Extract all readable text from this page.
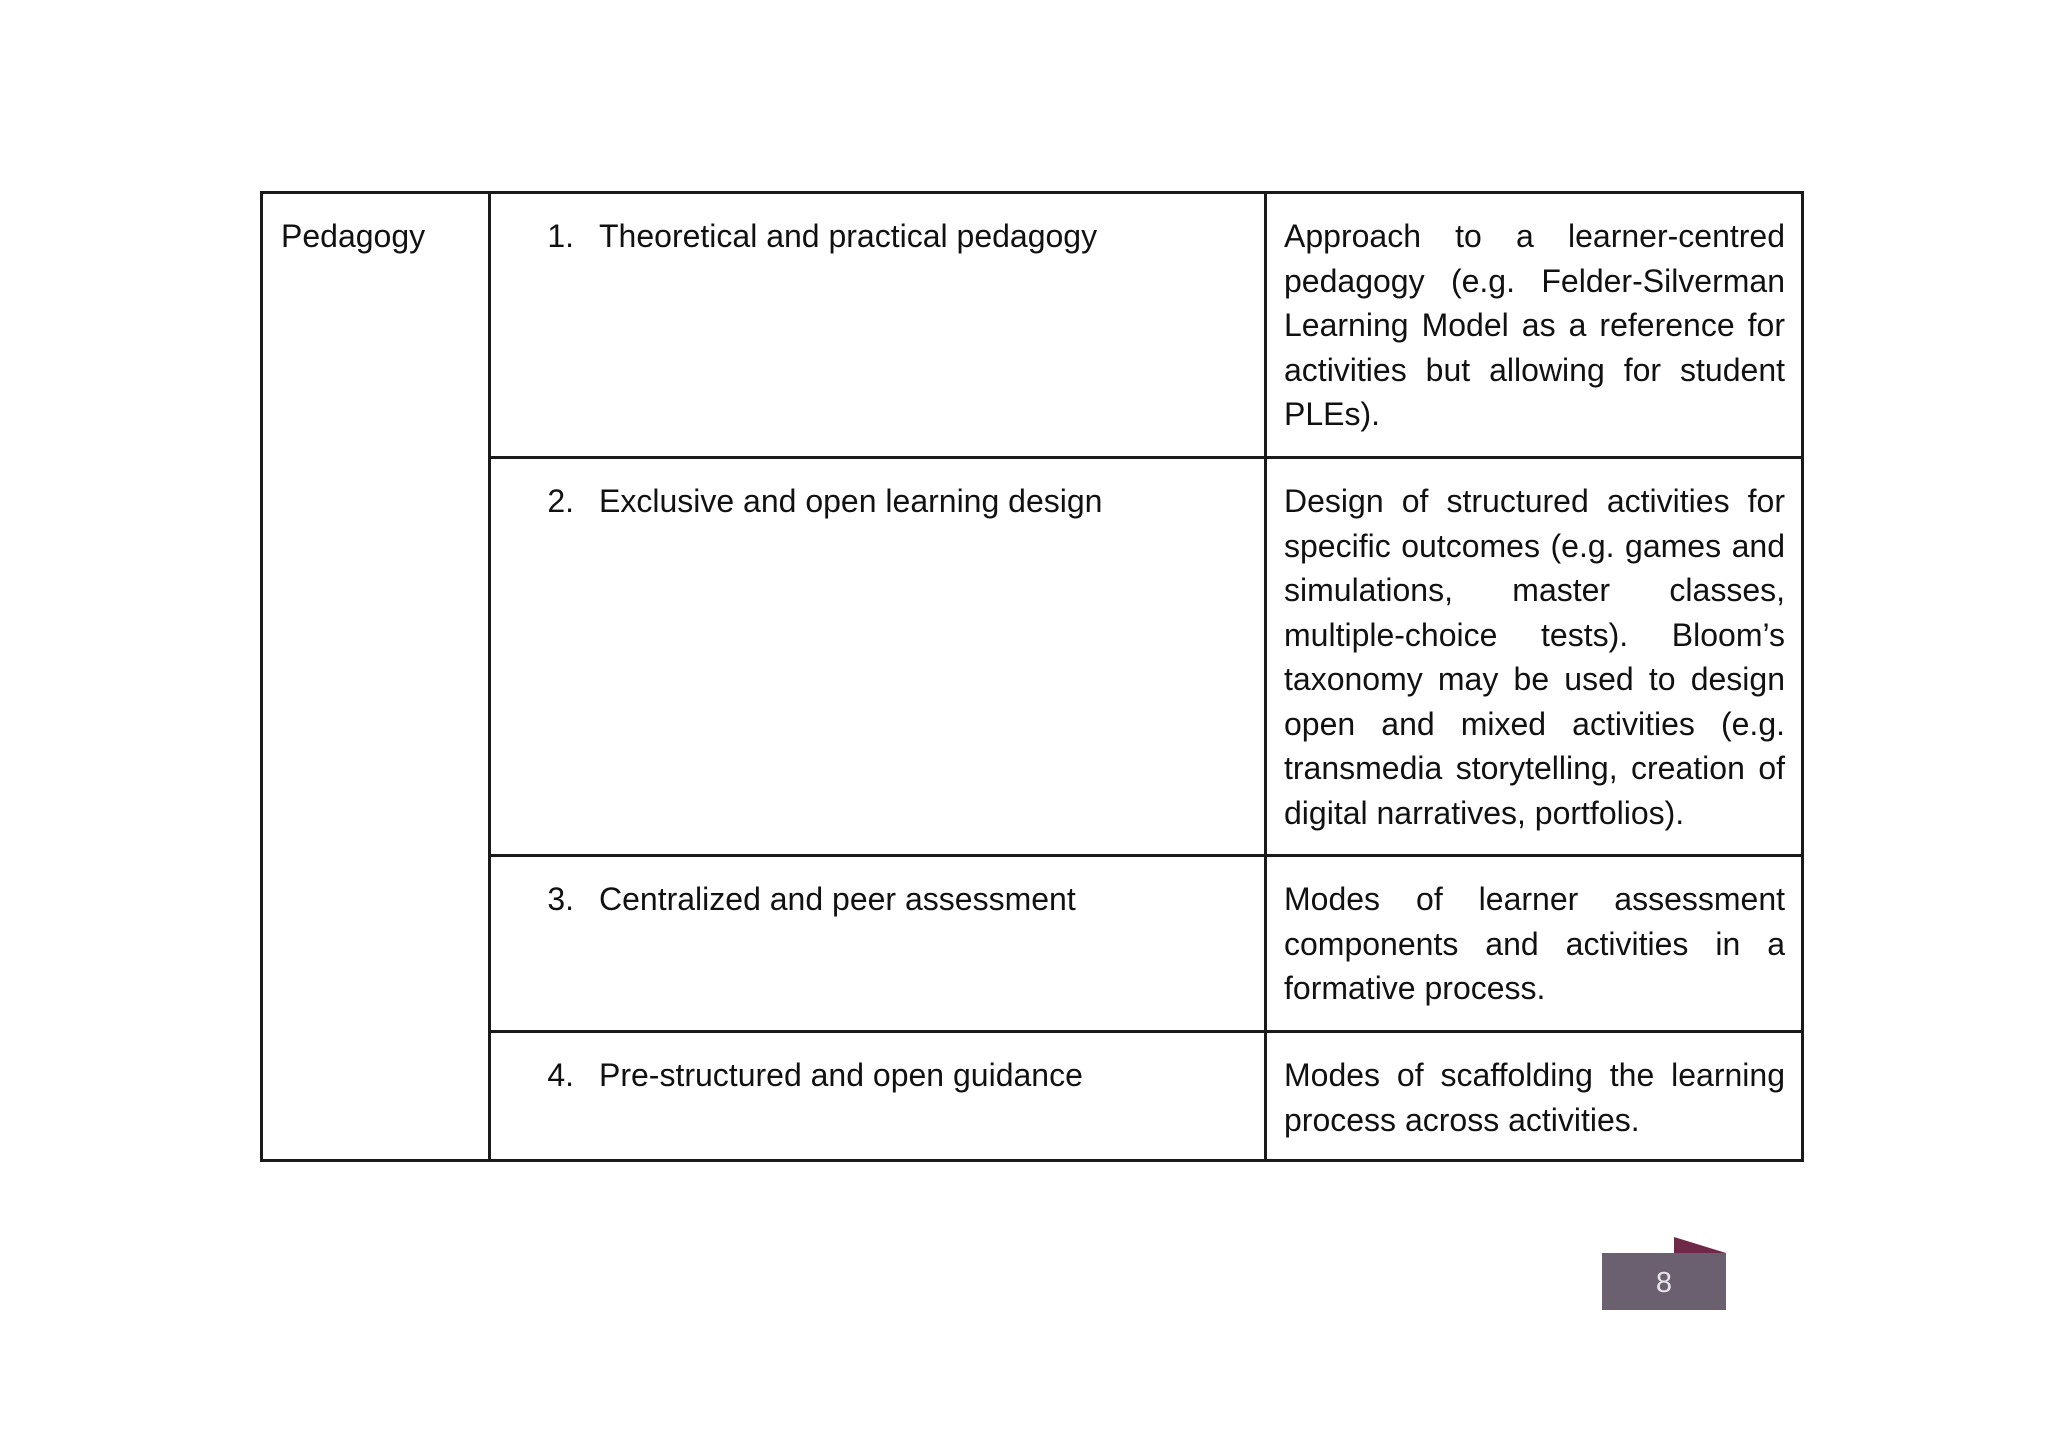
Pedagogy	1. Theoretical and practical pedagogy	Approach to a learner-centred pedagogy (e.g. Felder-Silverman Learning Model as a reference for activities but allowing for student PLEs).

	2. Exclusive and open learning design	Design of structured activities for specific outcomes (e.g. games and simulations, master classes, multiple-choice tests). Bloom’s taxonomy may be used to design open and mixed activities (e.g. transmedia storytelling, creation of digital narratives, portfolios).

	3. Centralized and peer assessment	Modes of learner assessment components and activities in a formative process.

	4. Pre-structured and open guidance	Modes of scaffolding the learning process across activities.
8
